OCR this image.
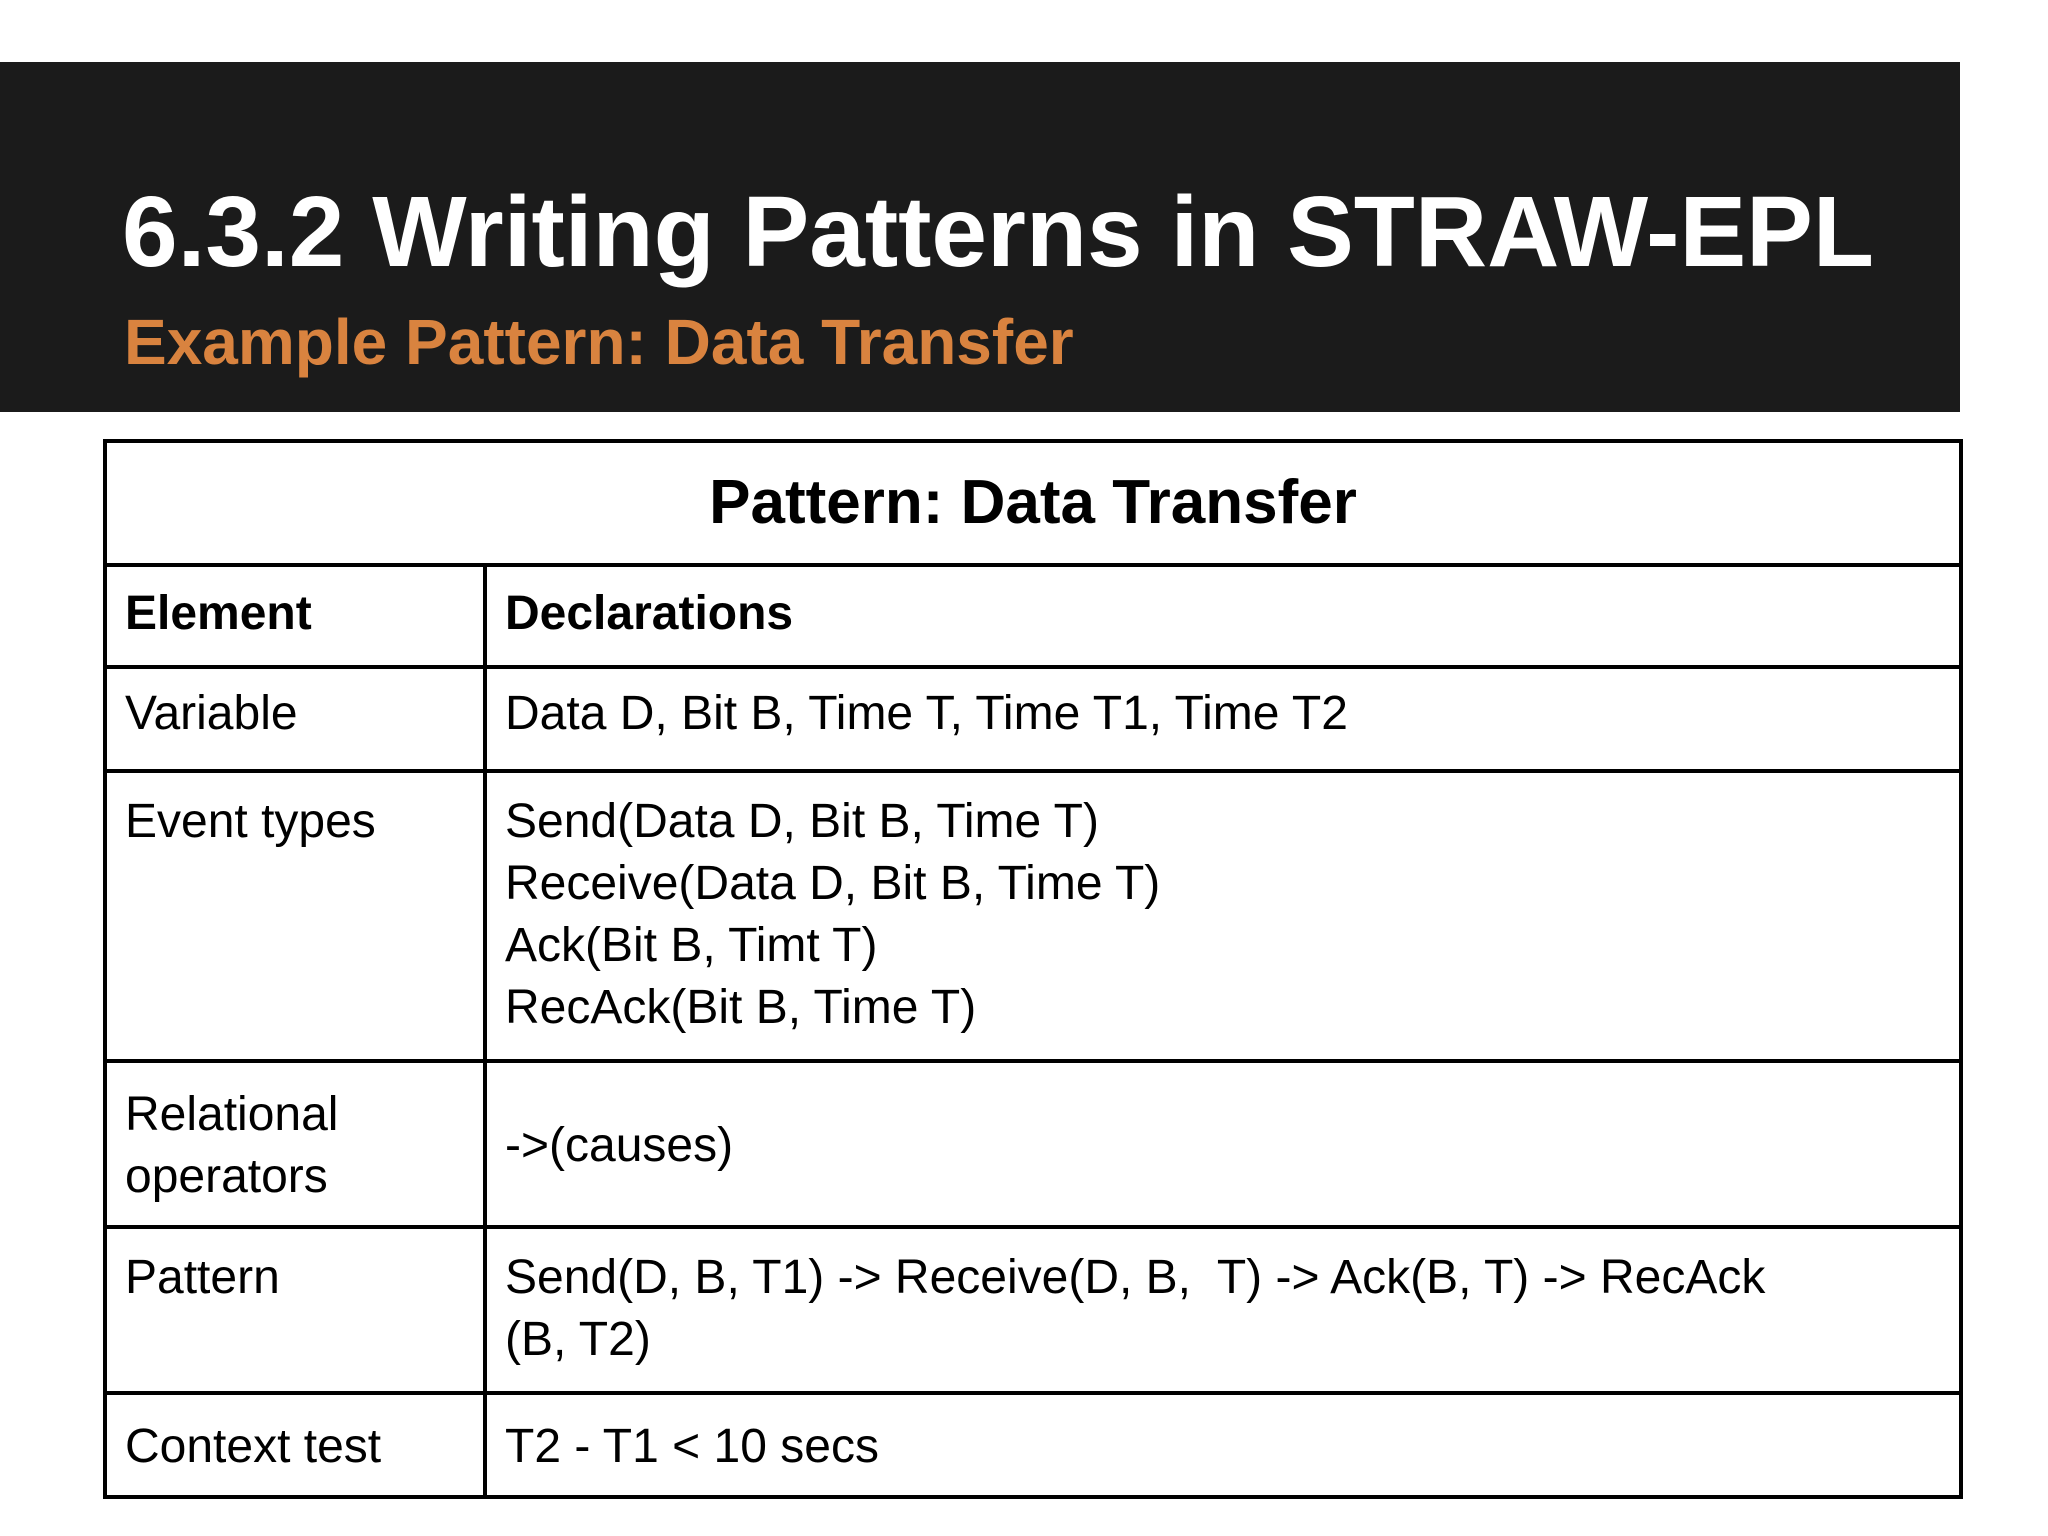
6.3.2 Writing Patterns in STRAW-EPL
Example Pattern: Data Transfer
Pattern: Data Transfer	
Element	Declarations

Variable	Data D, Bit B, Time T, Time T1, Time T2

Event types	Send(Data D, Bit B, Time T)
Receive(Data D, Bit B, Time T)
Ack(Bit B, Timt T)
RecAck(Bit B, Time T)

Relational
operators	->(causes)

Pattern	Send(D, B, T1) -> Receive(D, B,  T) -> Ack(B, T) -> RecAck
(B, T2)

Context test	T2 - T1 < 10 secs
